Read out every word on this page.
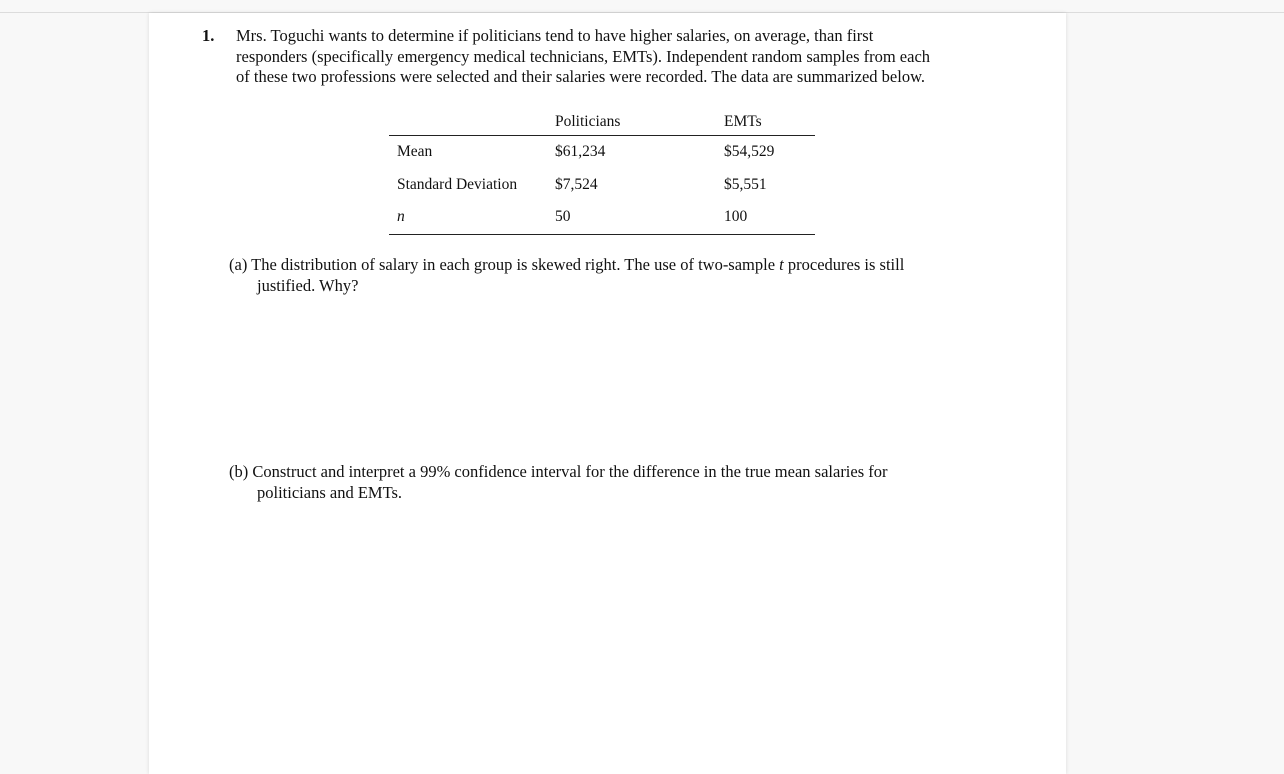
1. Mrs. Toguchi wants to determine if politicians tend to have higher salaries, on average, than first
responders (specifically emergency medical technicians, EMTs). Independent random samples from each
of these two professions were selected and their salaries were recorded. The data are summarized below.
	Politicians	EMTs
Mean	$61,234	$54,529
Standard Deviation	$7,524	$5,551
n	50	100
(a) The distribution of salary in each group is skewed right. The use of two-sample t procedures is still
justified. Why?
(b) Construct and interpret a 99% confidence interval for the difference in the true mean salaries for
politicians and EMTs.
